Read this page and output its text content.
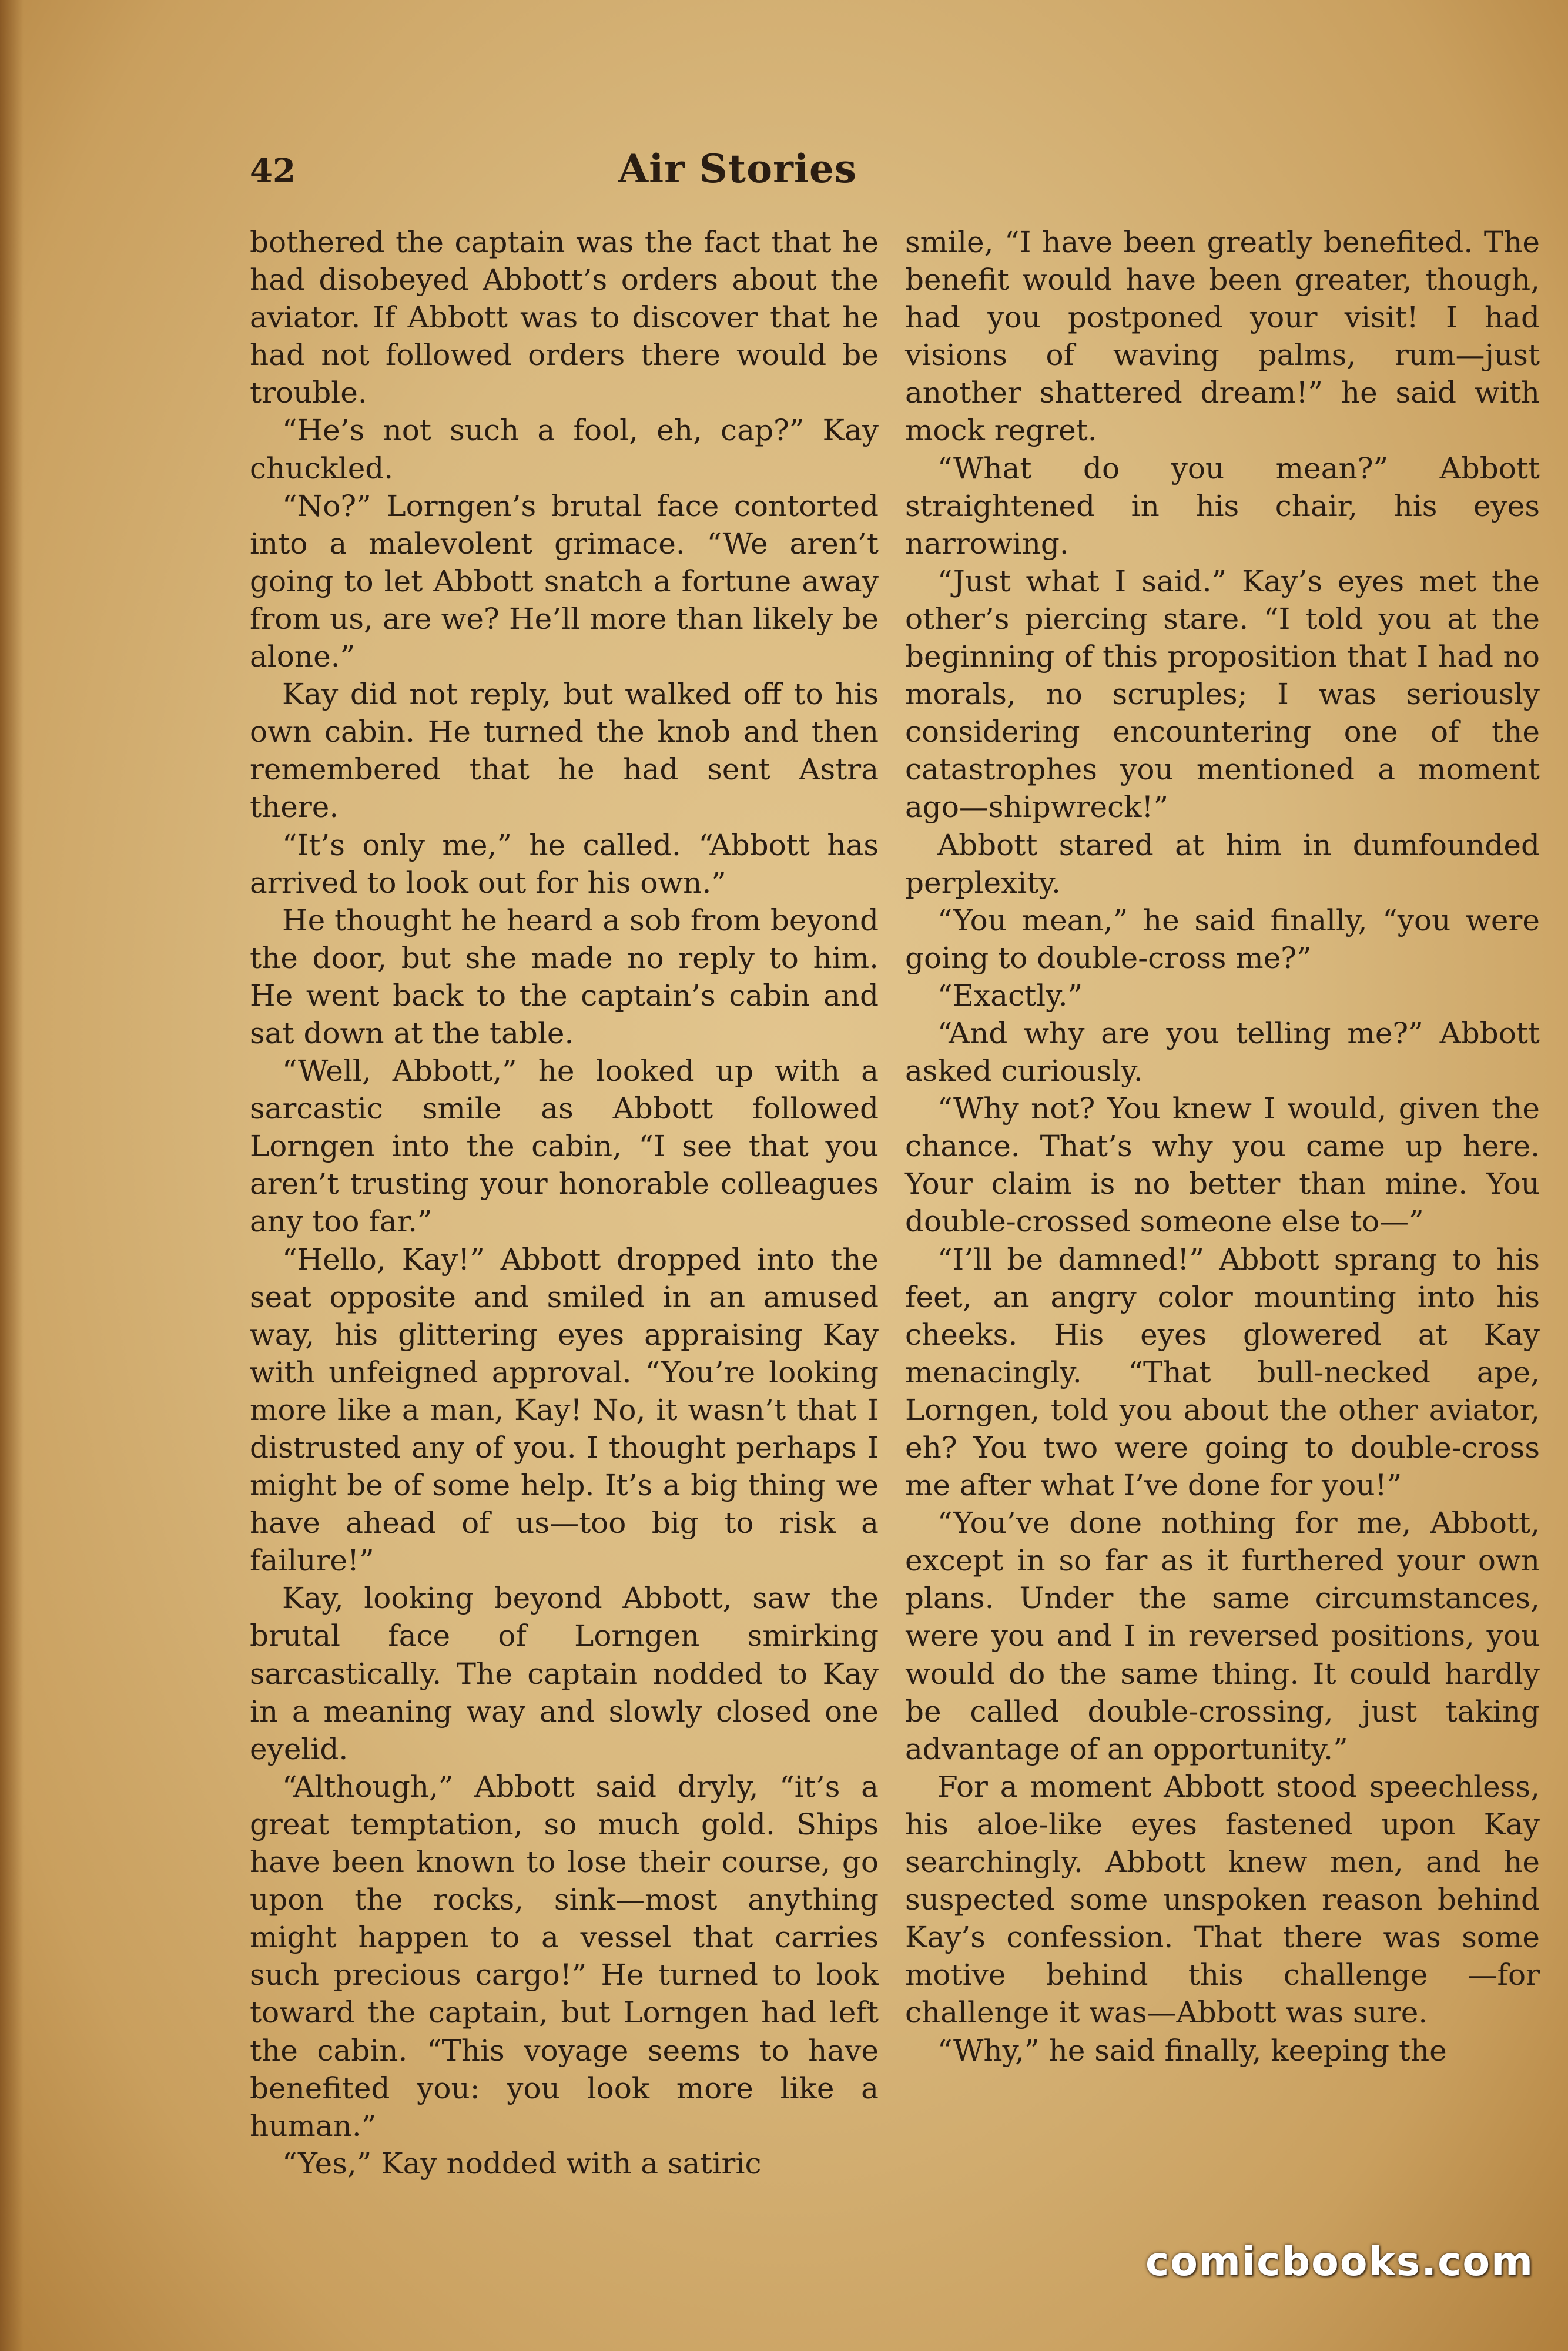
42	Air Stories

bothered the captain was the fact that he had disobeyed Abbott’s orders about the aviator. If Abbott was to discover that he had not followed orders there would be trouble.

“He’s not such a fool, eh, cap?” Kay chuckled.

“No?” Lorngen’s brutal face contorted into a malevolent grimace. “We aren’t going to let Abbott snatch a fortune away from us, are we? He’ll more than likely be alone.”

Kay did not reply, but walked off to his own cabin. He turned the knob and then remembered that he had sent Astra there.

“It’s only me,” he called. “Abbott has arrived to look out for his own.”

He thought he heard a sob from beyond the door, but she made no reply to him. He went back to the captain’s cabin and sat down at the table.

“Well, Abbott,” he looked up with a sarcastic smile as Abbott followed Lorngen into the cabin, “I see that you aren’t trusting your honorable colleagues any too far.”

“Hello, Kay!” Abbott dropped into the seat opposite and smiled in an amused way, his glittering eyes appraising Kay with unfeigned approval. “You’re looking more like a man, Kay! No, it wasn’t that I distrusted any of you. I thought perhaps I might be of some help. It’s a big thing we have ahead of us—too big to risk a failure!”

Kay, looking beyond Abbott, saw the brutal face of Lorngen smirking sarcastically. The captain nodded to Kay in a meaning way and slowly closed one eyelid.

“Although,” Abbott said dryly, “it’s a great temptation, so much gold. Ships have been known to lose their course, go upon the rocks, sink—most anything might happen to a vessel that carries such precious cargo!” He turned to look toward the captain, but Lorngen had left the cabin. “This voyage seems to have benefited you: you look more like a human.”

“Yes,” Kay nodded with a satiric

smile, “I have been greatly benefited. The benefit would have been greater, though, had you postponed your visit! I had visions of waving palms, rum—just another shattered dream!” he said with mock regret.

“What do you mean?” Abbott straightened in his chair, his eyes narrowing.

“Just what I said.” Kay’s eyes met the other’s piercing stare. “I told you at the beginning of this proposition that I had no morals, no scruples; I was seriously considering encountering one of the catastrophes you mentioned a moment ago—shipwreck!”

Abbott stared at him in dumfounded perplexity.

“You mean,” he said finally, “you were going to double-cross me?”

“Exactly.”

“And why are you telling me?” Abbott asked curiously.

“Why not? You knew I would, given the chance. That’s why you came up here. Your claim is no better than mine. You double-crossed someone else to—”

“I’ll be damned!” Abbott sprang to his feet, an angry color mounting into his cheeks. His eyes glowered at Kay menacingly. “That bull-necked ape, Lorngen, told you about the other aviator, eh? You two were going to double-cross me after what I’ve done for you!”

“You’ve done nothing for me, Abbott, except in so far as it furthered your own plans. Under the same circumstances, were you and I in reversed positions, you would do the same thing. It could hardly be called double-crossing, just taking advantage of an opportunity.”

For a moment Abbott stood speechless, his aloe-like eyes fastened upon Kay searchingly. Abbott knew men, and he suspected some unspoken reason behind Kay’s confession. That there was some motive behind this challenge —for challenge it was—Abbott was sure.

“Why,” he said finally, keeping the

comicbooks.com
